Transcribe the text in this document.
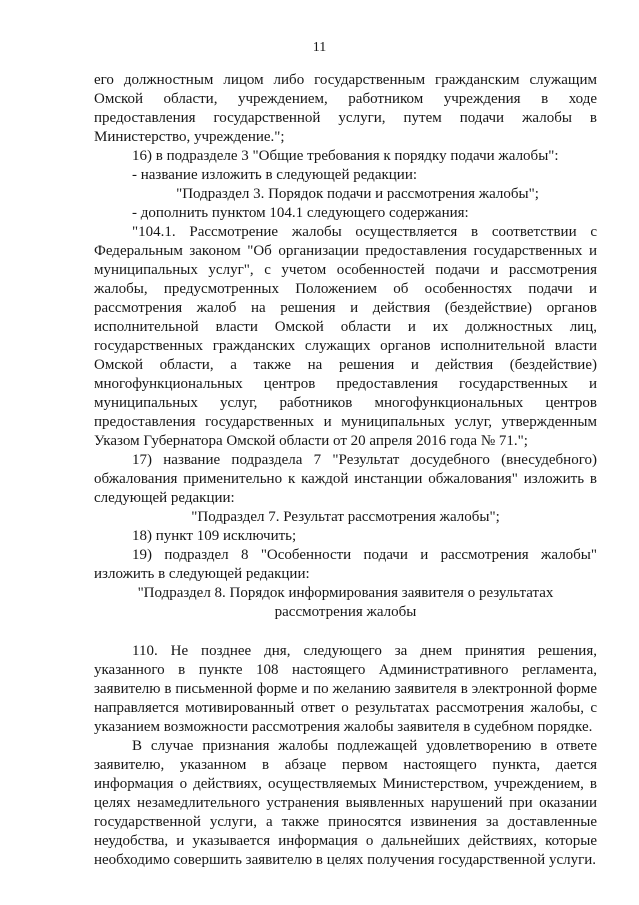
11

его должностным лицом либо государственным гражданским служащим Омской области, учреждением, работником учреждения в ходе предоставления государственной услуги, путем подачи жалобы в Министерство, учреждение.";

16) в подразделе 3 "Общие требования к порядку подачи жалобы":

- название изложить в следующей редакции:

"Подраздел 3. Порядок подачи и рассмотрения жалобы";

- дополнить пунктом 104.1 следующего содержания:

"104.1. Рассмотрение жалобы осуществляется в соответствии с Федеральным законом "Об организации предоставления государственных и муниципальных услуг", с учетом особенностей подачи и рассмотрения жалобы, предусмотренных Положением об особенностях подачи и рассмотрения жалоб на решения и действия (бездействие) органов исполнительной власти Омской области и их должностных лиц, государственных гражданских служащих органов исполнительной власти Омской области, а также на решения и действия (бездействие) многофункциональных центров предоставления государственных и муниципальных услуг, работников многофункциональных центров предоставления государственных и муниципальных услуг, утвержденным Указом Губернатора Омской области от 20 апреля 2016 года № 71.";

17) название подраздела 7 "Результат досудебного (внесудебного) обжалования применительно к каждой инстанции обжалования" изложить в следующей редакции:

"Подраздел 7. Результат рассмотрения жалобы";

18) пункт 109 исключить;

19) подраздел 8 "Особенности подачи и рассмотрения жалобы" изложить в следующей редакции:

"Подраздел 8. Порядок информирования заявителя о результатах рассмотрения жалобы

110. Не позднее дня, следующего за днем принятия решения, указанного в пункте 108 настоящего Административного регламента, заявителю в письменной форме и по желанию заявителя в электронной форме направляется мотивированный ответ о результатах рассмотрения жалобы, с указанием возможности рассмотрения жалобы заявителя в судебном порядке.

В случае признания жалобы подлежащей удовлетворению в ответе заявителю, указанном в абзаце первом настоящего пункта, дается информация о действиях, осуществляемых Министерством, учреждением, в целях незамедлительного устранения выявленных нарушений при оказании государственной услуги, а также приносятся извинения за доставленные неудобства, и указывается информация о дальнейших действиях, которые необходимо совершить заявителю в целях получения государственной услуги.
